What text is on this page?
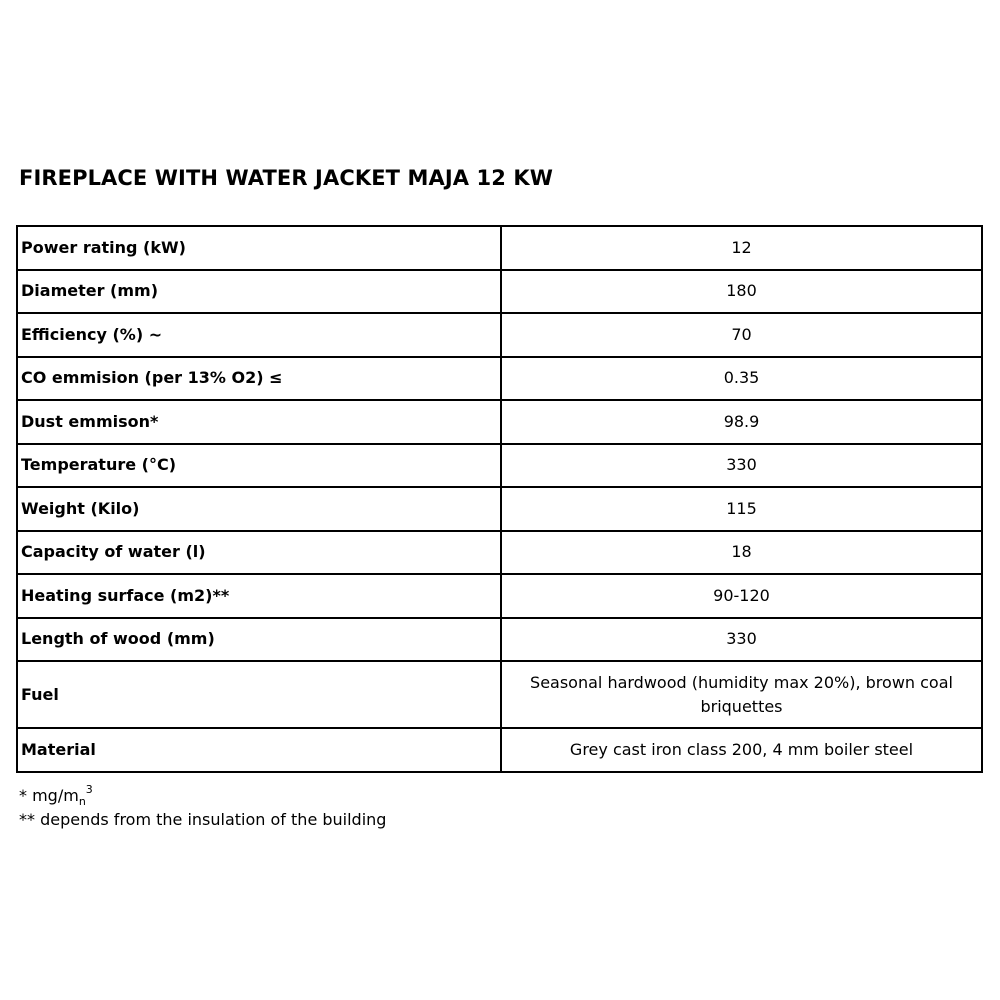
FIREPLACE WITH WATER JACKET MAJA 12 KW
Power rating (kW)	12
Diameter (mm)	180
Efficiency (%) ~	70
CO emmision (per 13% O2) ≤	0.35
Dust emmison*	98.9
Temperature (°C)	330
Weight (Kilo)	115
Capacity of water (l)	18
Heating surface (m2)**	90-120
Length of wood (mm)	330
Fuel	Seasonal hardwood (humidity max 20%), brown coal briquettes
Material	Grey cast iron class 200, 4 mm boiler steel
* $mg/m_n^3$
** depends from the insulation of the building
